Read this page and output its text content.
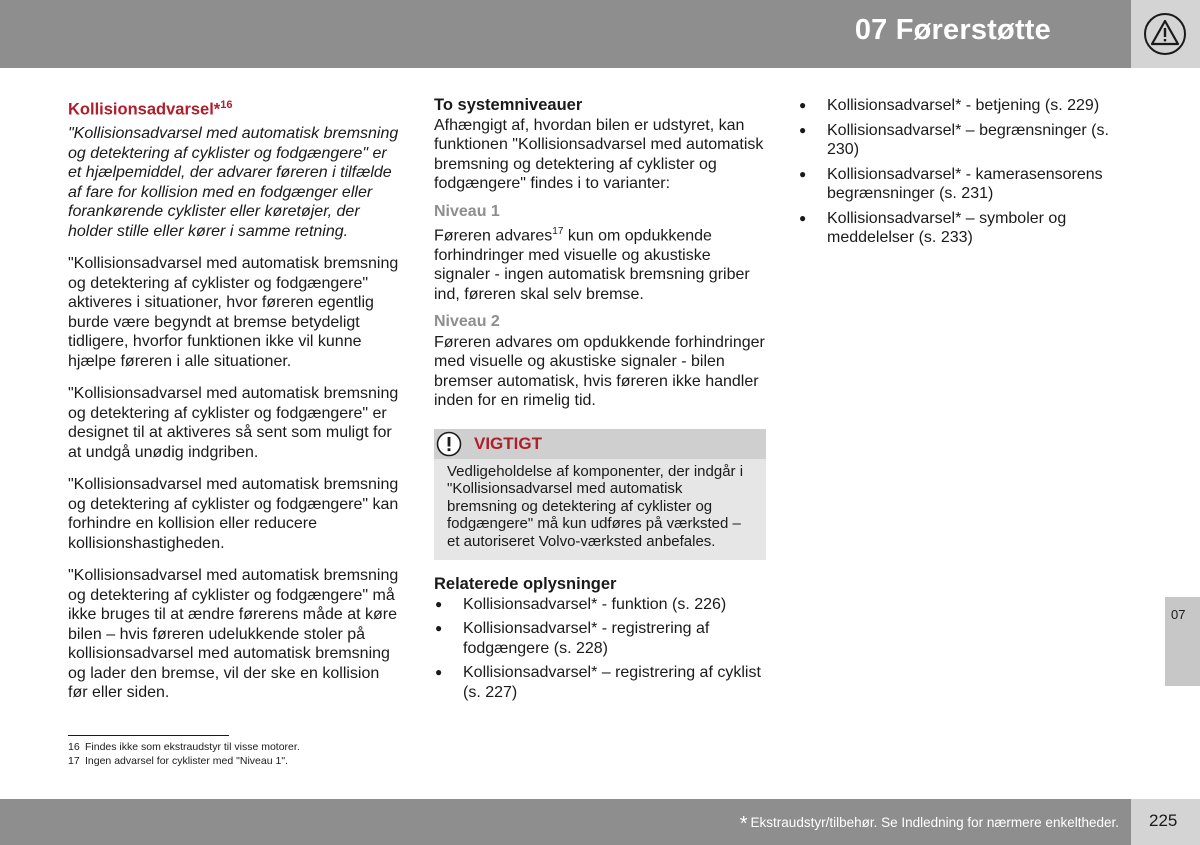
07 Førerstøtte
Kollisionsadvarsel*$^{16}$

"Kollisionsadvarsel med automatisk bremsning og detektering af cyklister og fodgængere" er et hjælpemiddel, der advarer føreren i tilfælde af fare for kollision med en fodgænger eller forankørende cyklister eller køretøjer, der holder stille eller kører i samme retning.

"Kollisionsadvarsel med automatisk bremsning og detektering af cyklister og fodgængere" aktiveres i situationer, hvor føreren egentlig burde være begyndt at bremse betydeligt tidligere, hvorfor funktionen ikke vil kunne hjælpe føreren i alle situationer.

"Kollisionsadvarsel med automatisk bremsning og detektering af cyklister og fodgængere" er designet til at aktiveres så sent som muligt for at undgå unødig indgriben.

"Kollisionsadvarsel med automatisk bremsning og detektering af cyklister og fodgængere" kan forhindre en kollision eller reducere kollisionshastigheden.

"Kollisionsadvarsel med automatisk bremsning og detektering af cyklister og fodgængere" må ikke bruges til at ændre førerens måde at køre bilen – hvis føreren udelukkende stoler på kollisionsadvarsel med automatisk bremsning og lader den bremse, vil der ske en kollision før eller siden.

To systemniveauer

Afhængigt af, hvordan bilen er udstyret, kan funktionen "Kollisionsadvarsel med automatisk bremsning og detektering af cyklister og fodgængere" findes i to varianter:

Niveau 1

Føreren advares$^{17}$ kun om opdukkende forhindringer med visuelle og akustiske signaler - ingen automatisk bremsning griber ind, føreren skal selv bremse.

Niveau 2

Føreren advares om opdukkende forhindringer med visuelle og akustiske signaler - bilen bremser automatisk, hvis føreren ikke handler inden for en rimelig tid.

VIGTIGT
Vedligeholdelse af komponenter, der indgår i "Kollisionsadvarsel med automatisk bremsning og detektering af cyklister og fodgængere" må kun udføres på værksted – et autoriseret Volvo-værksted anbefales.
Relaterede oplysninger
● Kollisionsadvarsel* - funktion (s. 226)
● Kollisionsadvarsel* - registrering af fodgængere (s. 228)
● Kollisionsadvarsel* – registrering af cyklist (s. 227)
● Kollisionsadvarsel* - betjening (s. 229)
● Kollisionsadvarsel* – begrænsninger (s. 230)
● Kollisionsadvarsel* - kamerasensorens begrænsninger (s. 231)
● Kollisionsadvarsel* – symboler og meddelelser (s. 233)
16 Findes ikke som ekstraudstyr til visse motorer.
17 Ingen advarsel for cyklister med "Niveau 1".
07
* Ekstraudstyr/tilbehør. Se Indledning for nærmere enkeltheder. 225
